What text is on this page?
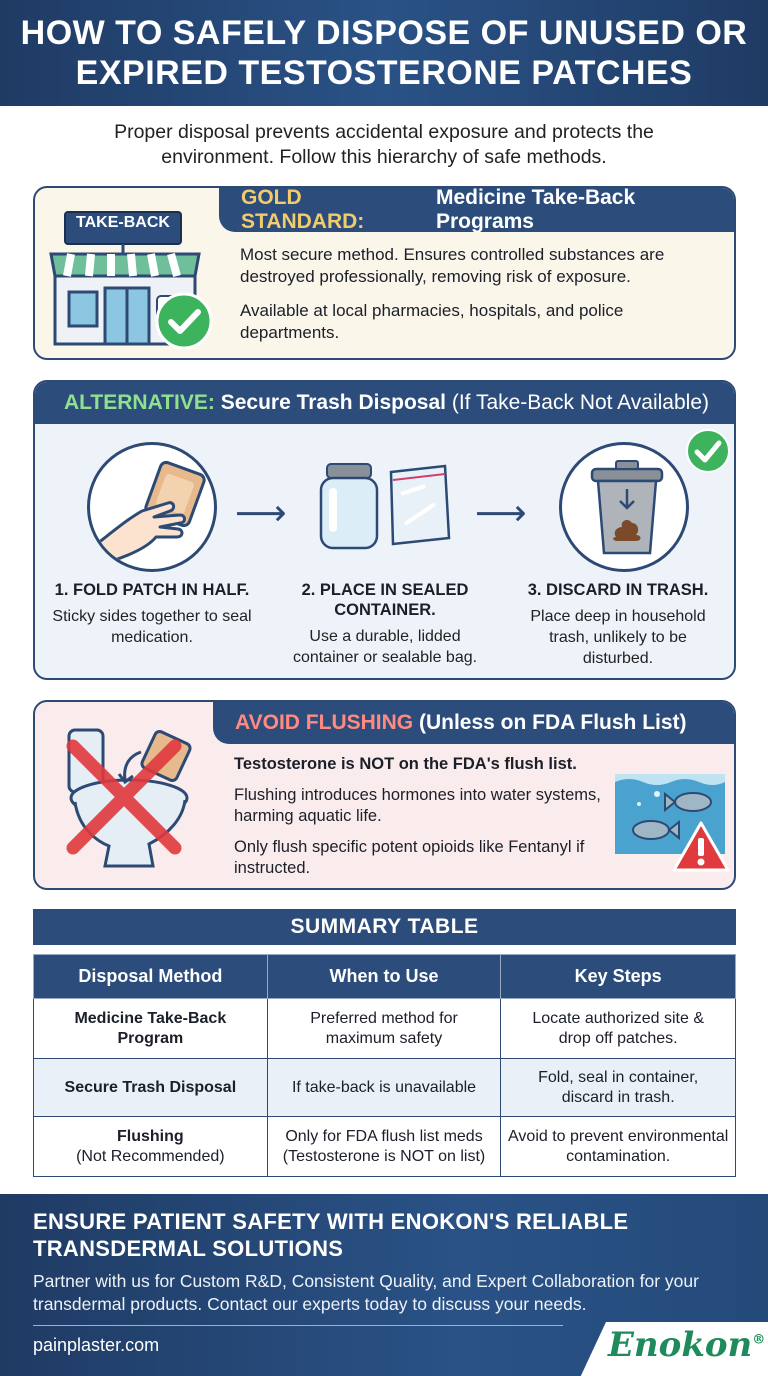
HOW TO SAFELY DISPOSE OF UNUSED OR EXPIRED TESTOSTERONE PATCHES

Proper disposal prevents accidental exposure and protects the environment. Follow this hierarchy of safe methods.

GOLD STANDARD:

Medicine Take-Back Programs
TAKE-BACK

Most secure method. Ensures controlled substances are destroyed professionally, removing risk of exposure.

Available at local pharmacies, hospitals, and police departments.

ALTERNATIVE:
Secure Trash Disposal
(If Take-Back Not Available)
⟶	⟶
1. FOLD PATCH IN HALF.
Sticky sides together to seal medication.
2. PLACE IN SEALED CONTAINER.
Use a durable, lidded container or sealable bag.
3. DISCARD IN TRASH.
Place deep in household trash, unlikely to be disturbed.
AVOID FLUSHING
(Unless on FDA Flush List)

Testosterone is NOT on the FDA's flush list.

Flushing introduces hormones into water systems, harming aquatic life.

Only flush specific potent opioids like Fentanyl if instructed.

SUMMARY TABLE
Disposal Method	When to Use	Key Steps

Medicine Take-Back Program	Preferred method for maximum safety	Locate authorized site & drop off patches.

Secure Trash Disposal	If take-back is unavailable	Fold, seal in container, discard in trash.

Flushing
(Not Recommended)	Only for FDA flush list meds (Testosterone is NOT on list)	Avoid to prevent environmental contamination.
ENSURE PATIENT SAFETY WITH ENOKON'S RELIABLE TRANSDERMAL SOLUTIONS

Partner with us for Custom R&D, Consistent Quality, and Expert Collaboration for your transdermal products. Contact our experts today to discuss your needs.

painplaster.com	Enokon®
